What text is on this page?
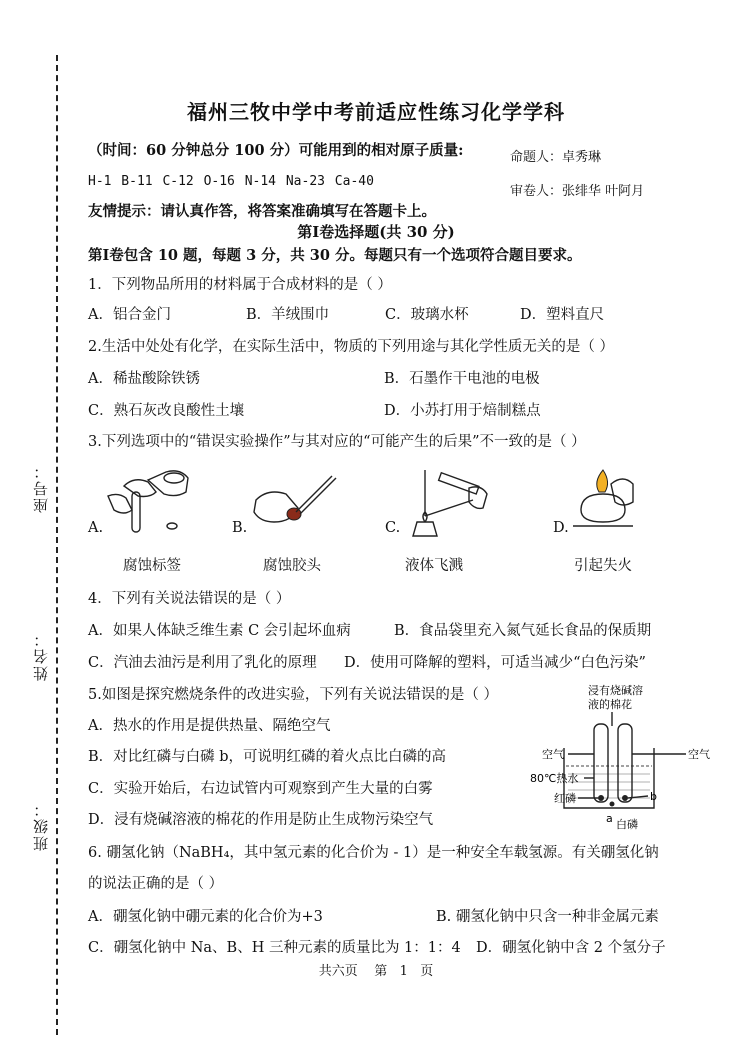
座号：
姓名：
班级：
福州三牧中学中考前适应性练习化学学科
（时间：60 分钟总分 100 分）可能用到的相对原子质量:	命题人：卓秀琳
H-1 B-11 C-12 O-16 N-14 Na-23 Ca-40
审卷人：张绯华 叶阿月
友情提示：请认真作答，将答案准确填写在答题卡上。
第Ⅰ卷选择题(共 30 分)
第Ⅰ卷包含 10 题，每题 3 分，共 30 分。每题只有一个选项符合题目要求。
1．下列物品所用的材料属于合成材料的是（ ）
A．铝合金门	B．羊绒围巾	C．玻璃水杯	D．塑料直尺
2.生活中处处有化学，在实际生活中，物质的下列用途与其化学性质无关的是（ ）
A．稀盐酸除铁锈	B．石墨作干电池的电极
C．熟石灰改良酸性土壤	D．小苏打用于焙制糕点
3.下列选项中的“错误实验操作”与其对应的“可能产生的后果”不一致的是（ ）
A.	B.	C.	D.
腐蚀标签	腐蚀胶头	液体飞溅	引起失火
4．下列有关说法错误的是（ ）
A．如果人体缺乏维生素 C 会引起坏血病	B．食品袋里充入氮气延长食品的保质期
C．汽油去油污是利用了乳化的原理 D．使用可降解的塑料，可适当减少“白色污染”
5.如图是探究燃烧条件的改进实验，下列有关说法错误的是（ ）
A．热水的作用是提供热量、隔绝空气
B．对比红磷与白磷 b，可说明红磷的着火点比白磷的高
C．实验开始后，右边试管内可观察到产生大量的白雾
D．浸有烧碱溶液的棉花的作用是防止生成物污染空气
浸有烧碱溶
液的棉花
空气	空气
80℃热水
红磷	b
a 白磷
6. 硼氢化钠（NaBH₄，其中氢元素的化合价为 - 1）是一种安全车载氢源。有关硼氢化钠
的说法正确的是（ ）
A．硼氢化钠中硼元素的化合价为+3	B. 硼氢化钠中只含一种非金属元素
C．硼氢化钠中 Na、B、H 三种元素的质量比为 1：1：4 D．硼氢化钠中含 2 个氢分子
共六页    第   1   页
